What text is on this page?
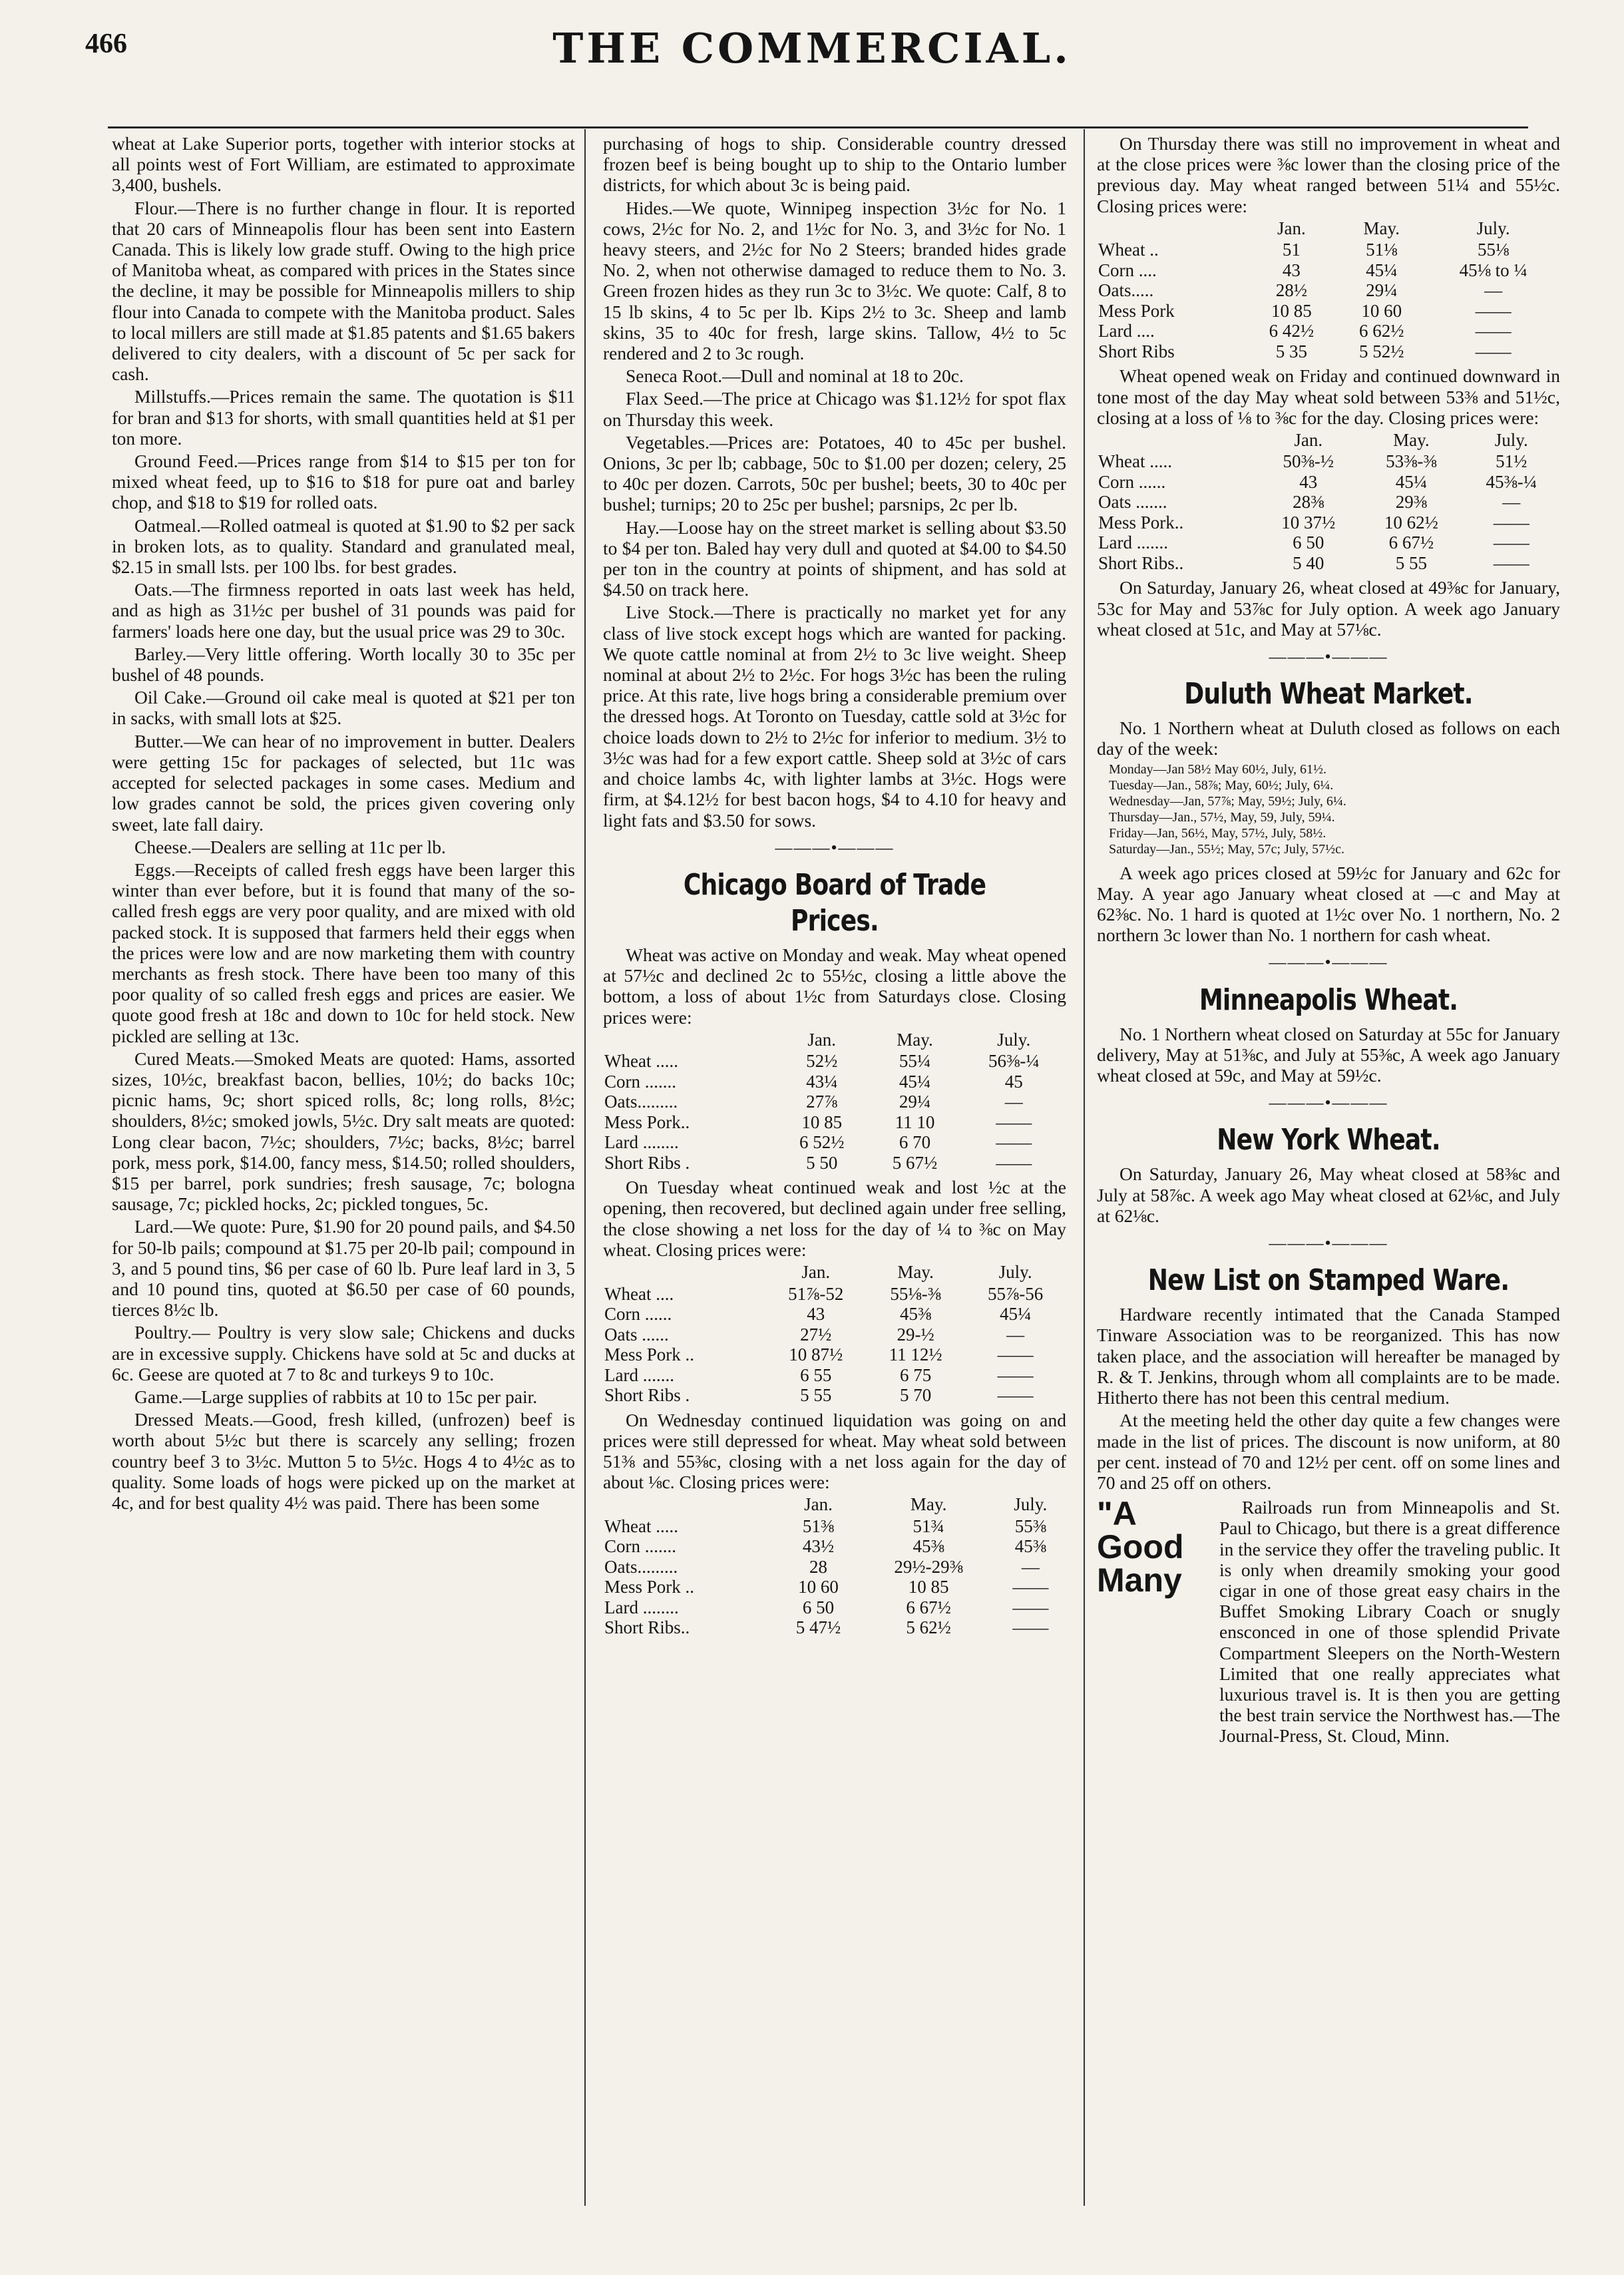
466	THE COMMERCIAL.

wheat at Lake Superior ports, together with interior stocks at all points west of Fort William, are estimated to approximate 3,400, bushels.

Flour.—There is no further change in flour. It is reported that 20 cars of Minneapolis flour has been sent into Eastern Canada. This is likely low grade stuff. Owing to the high price of Manitoba wheat, as compared with prices in the States since the decline, it may be possible for Minneapolis millers to ship flour into Canada to compete with the Manitoba product. Sales to local millers are still made at $1.85 patents and $1.65 bakers delivered to city dealers, with a discount of 5c per sack for cash.

Millstuffs.—Prices remain the same. The quotation is $11 for bran and $13 for shorts, with small quantities held at $1 per ton more.

Ground Feed.—Prices range from $14 to $15 per ton for mixed wheat feed, up to $16 to $18 for pure oat and barley chop, and $18 to $19 for rolled oats.

Oatmeal.—Rolled oatmeal is quoted at $1.90 to $2 per sack in broken lots, as to quality. Standard and granulated meal, $2.15 in small lsts. per 100 lbs. for best grades.

Oats.—The firmness reported in oats last week has held, and as high as 31½c per bushel of 31 pounds was paid for farmers' loads here one day, but the usual price was 29 to 30c.

Barley.—Very little offering. Worth locally 30 to 35c per bushel of 48 pounds.

Oil Cake.—Ground oil cake meal is quoted at $21 per ton in sacks, with small lots at $25.

Butter.—We can hear of no improvement in butter. Dealers were getting 15c for packages of selected, but 11c was accepted for selected packages in some cases. Medium and low grades cannot be sold, the prices given covering only sweet, late fall dairy.

Cheese.—Dealers are selling at 11c per lb.

Eggs.—Receipts of called fresh eggs have been larger this winter than ever before, but it is found that many of the so-called fresh eggs are very poor quality, and are mixed with old packed stock. It is supposed that farmers held their eggs when the prices were low and are now marketing them with country merchants as fresh stock. There have been too many of this poor quality of so called fresh eggs and prices are easier. We quote good fresh at 18c and down to 10c for held stock. New pickled are selling at 13c.

Cured Meats.—Smoked Meats are quoted: Hams, assorted sizes, 10½c, breakfast bacon, bellies, 10½; do backs 10c; picnic hams, 9c; short spiced rolls, 8c; long rolls, 8½c; shoulders, 8½c; smoked jowls, 5½c. Dry salt meats are quoted: Long clear bacon, 7½c; shoulders, 7½c; backs, 8½c; barrel pork, mess pork, $14.00, fancy mess, $14.50; rolled shoulders, $15 per barrel, pork sundries; fresh sausage, 7c; bologna sausage, 7c; pickled hocks, 2c; pickled tongues, 5c.

Lard.—We quote: Pure, $1.90 for 20 pound pails, and $4.50 for 50-lb pails; compound at $1.75 per 20-lb pail; compound in 3, and 5 pound tins, $6 per case of 60 lb. Pure leaf lard in 3, 5 and 10 pound tins, quoted at $6.50 per case of 60 pounds, tierces 8½c lb.

Poultry.— Poultry is very slow sale; Chickens and ducks are in excessive supply. Chickens have sold at 5c and ducks at 6c. Geese are quoted at 7 to 8c and turkeys 9 to 10c.

Game.—Large supplies of rabbits at 10 to 15c per pair.

Dressed Meats.—Good, fresh killed, (unfrozen) beef is worth about 5½c but there is scarcely any selling; frozen country beef 3 to 3½c. Mutton 5 to 5½c. Hogs 4 to 4½c as to quality. Some loads of hogs were picked up on the market at 4c, and for best quality 4½ was paid. There has been some

purchasing of hogs to ship. Considerable country dressed frozen beef is being bought up to ship to the Ontario lumber districts, for which about 3c is being paid.

Hides.—We quote, Winnipeg inspection 3½c for No. 1 cows, 2½c for No. 2, and 1½c for No. 3, and 3½c for No. 1 heavy steers, and 2½c for No 2 Steers; branded hides grade No. 2, when not otherwise damaged to reduce them to No. 3. Green frozen hides as they run 3c to 3½c. We quote: Calf, 8 to 15 lb skins, 4 to 5c per lb. Kips 2½ to 3c. Sheep and lamb skins, 35 to 40c for fresh, large skins. Tallow, 4½ to 5c rendered and 2 to 3c rough.

Seneca Root.—Dull and nominal at 18 to 20c.

Flax Seed.—The price at Chicago was $1.12½ for spot flax on Thursday this week.

Vegetables.—Prices are: Potatoes, 40 to 45c per bushel. Onions, 3c per lb; cabbage, 50c to $1.00 per dozen; celery, 25 to 40c per dozen. Carrots, 50c per bushel; beets, 30 to 40c per bushel; turnips; 20 to 25c per bushel; parsnips, 2c per lb.

Hay.—Loose hay on the street market is selling about $3.50 to $4 per ton. Baled hay very dull and quoted at $4.00 to $4.50 per ton in the country at points of shipment, and has sold at $4.50 on track here.

Live Stock.—There is practically no market yet for any class of live stock except hogs which are wanted for packing. We quote cattle nominal at from 2½ to 3c live weight. Sheep nominal at about 2½ to 2½c. For hogs 3½c has been the ruling price. At this rate, live hogs bring a considerable premium over the dressed hogs. At Toronto on Tuesday, cattle sold at 3½c for choice loads down to 2½ to 2½c for inferior to medium. 3½ to 3½c was had for a few export cattle. Sheep sold at 3½c of cars and choice lambs 4c, with lighter lambs at 3½c. Hogs were firm, at $4.12½ for best bacon hogs, $4 to 4.10 for heavy and light fats and $3.50 for sows.

———•———
Chicago Board of Trade Prices.

Wheat was active on Monday and weak. May wheat opened at 57½c and declined 2c to 55½c, closing a little above the bottom, a loss of about 1½c from Saturdays close. Closing prices were:

	Jan.	May.	July.
Wheat .....	52½	55¼	56⅜-¼
Corn .......	43¼	45¼	45
Oats.........	27⅞	29¼	—
Mess Pork..	10 85	11 10	——
Lard ........	6 52½	6 70	——
Short Ribs .	5 50	5 67½	——

On Tuesday wheat continued weak and lost ½c at the opening, then recovered, but declined again under free selling, the close showing a net loss for the day of ¼ to ⅜c on May wheat. Closing prices were:

	Jan.	May.	July.
Wheat ....	51⅞-52	55⅛-⅜	55⅞-56
Corn ......	43	45⅜	45¼
Oats ......	27½	29-½	—
Mess Pork ..	10 87½	11 12½	——
Lard .......	6 55	6 75	——
Short Ribs .	5 55	5 70	——

On Wednesday continued liquidation was going on and prices were still depressed for wheat. May wheat sold between 51⅜ and 55⅜c, closing with a net loss again for the day of about ⅛c. Closing prices were:

	Jan.	May.	July.
Wheat .....	51⅜	51¾	55⅜
Corn .......	43½	45⅜	45⅜
Oats.........	28	29½-29⅜	—
Mess Pork ..	10 60	10 85	——
Lard ........	6 50	6 67½	——
Short Ribs..	5 47½	5 62½	——

On Thursday there was still no improvement in wheat and at the close prices were ⅜c lower than the closing price of the previous day. May wheat ranged between 51¼ and 55½c. Closing prices were:

	Jan.	May.	July.
Wheat ..	51	51⅛	55⅛
Corn ....	43	45¼	45⅛ to ¼
Oats.....	28½	29¼	—
Mess Pork	10 85	10 60	——
Lard ....	6 42½	6 62½	——
Short Ribs	5 35	5 52½	——

Wheat opened weak on Friday and continued downward in tone most of the day May wheat sold between 53⅜ and 51½c, closing at a loss of ⅛ to ⅜c for the day. Closing prices were:

	Jan.	May.	July.
Wheat .....	50⅜-½	53⅜-⅜	51½
Corn ......	43	45¼	45⅜-¼
Oats .......	28⅜	29⅜	—
Mess Pork..	10 37½	10 62½	——
Lard .......	6 50	6 67½	——
Short Ribs..	5 40	5 55	——

On Saturday, January 26, wheat closed at 49⅜c for January, 53c for May and 53⅞c for July option. A week ago January wheat closed at 51c, and May at 57⅛c.

———•———
Duluth Wheat Market.

No. 1 Northern wheat at Duluth closed as follows on each day of the week:

Monday—Jan 58½ May 60½, July, 61½.
Tuesday—Jan., 58⅞; May, 60½; July, 6¼.
Wednesday—Jan, 57⅞; May, 59½; July, 6¼.
Thursday—Jan., 57½, May, 59, July, 59¼.
Friday—Jan, 56½, May, 57½, July, 58½.
Saturday—Jan., 55½; May, 57c; July, 57½c.

A week ago prices closed at 59½c for January and 62c for May. A year ago January wheat closed at —c and May at 62⅜c. No. 1 hard is quoted at 1½c over No. 1 northern, No. 2 northern 3c lower than No. 1 northern for cash wheat.

———•———
Minneapolis Wheat.

No. 1 Northern wheat closed on Saturday at 55c for January delivery, May at 51⅜c, and July at 55⅜c, A week ago January wheat closed at 59c, and May at 59½c.

———•———
New York Wheat.

On Saturday, January 26, May wheat closed at 58⅜c and July at 58⅞c. A week ago May wheat closed at 62⅛c, and July at 62⅛c.

———•———
New List on Stamped Ware.

Hardware recently intimated that the Canada Stamped Tinware Association was to be reorganized. This has now taken place, and the association will hereafter be managed by R. & T. Jenkins, through whom all complaints are to be made. Hitherto there has not been this central medium.

At the meeting held the other day quite a few changes were made in the list of prices. The discount is now uniform, at 80 per cent. instead of 70 and 12½ per cent. off on some lines and 70 and 25 off on others.

"A Good Many

Railroads run from Minneapolis and St. Paul to Chicago, but there is a great difference in the service they offer the traveling public. It is only when dreamily smoking your good cigar in one of those great easy chairs in the Buffet Smoking Library Coach or snugly ensconced in one of those splendid Private Compartment Sleepers on the North-Western Limited that one really appreciates what luxurious travel is. It is then you are getting the best train service the Northwest has.—The Journal-Press, St. Cloud, Minn.
